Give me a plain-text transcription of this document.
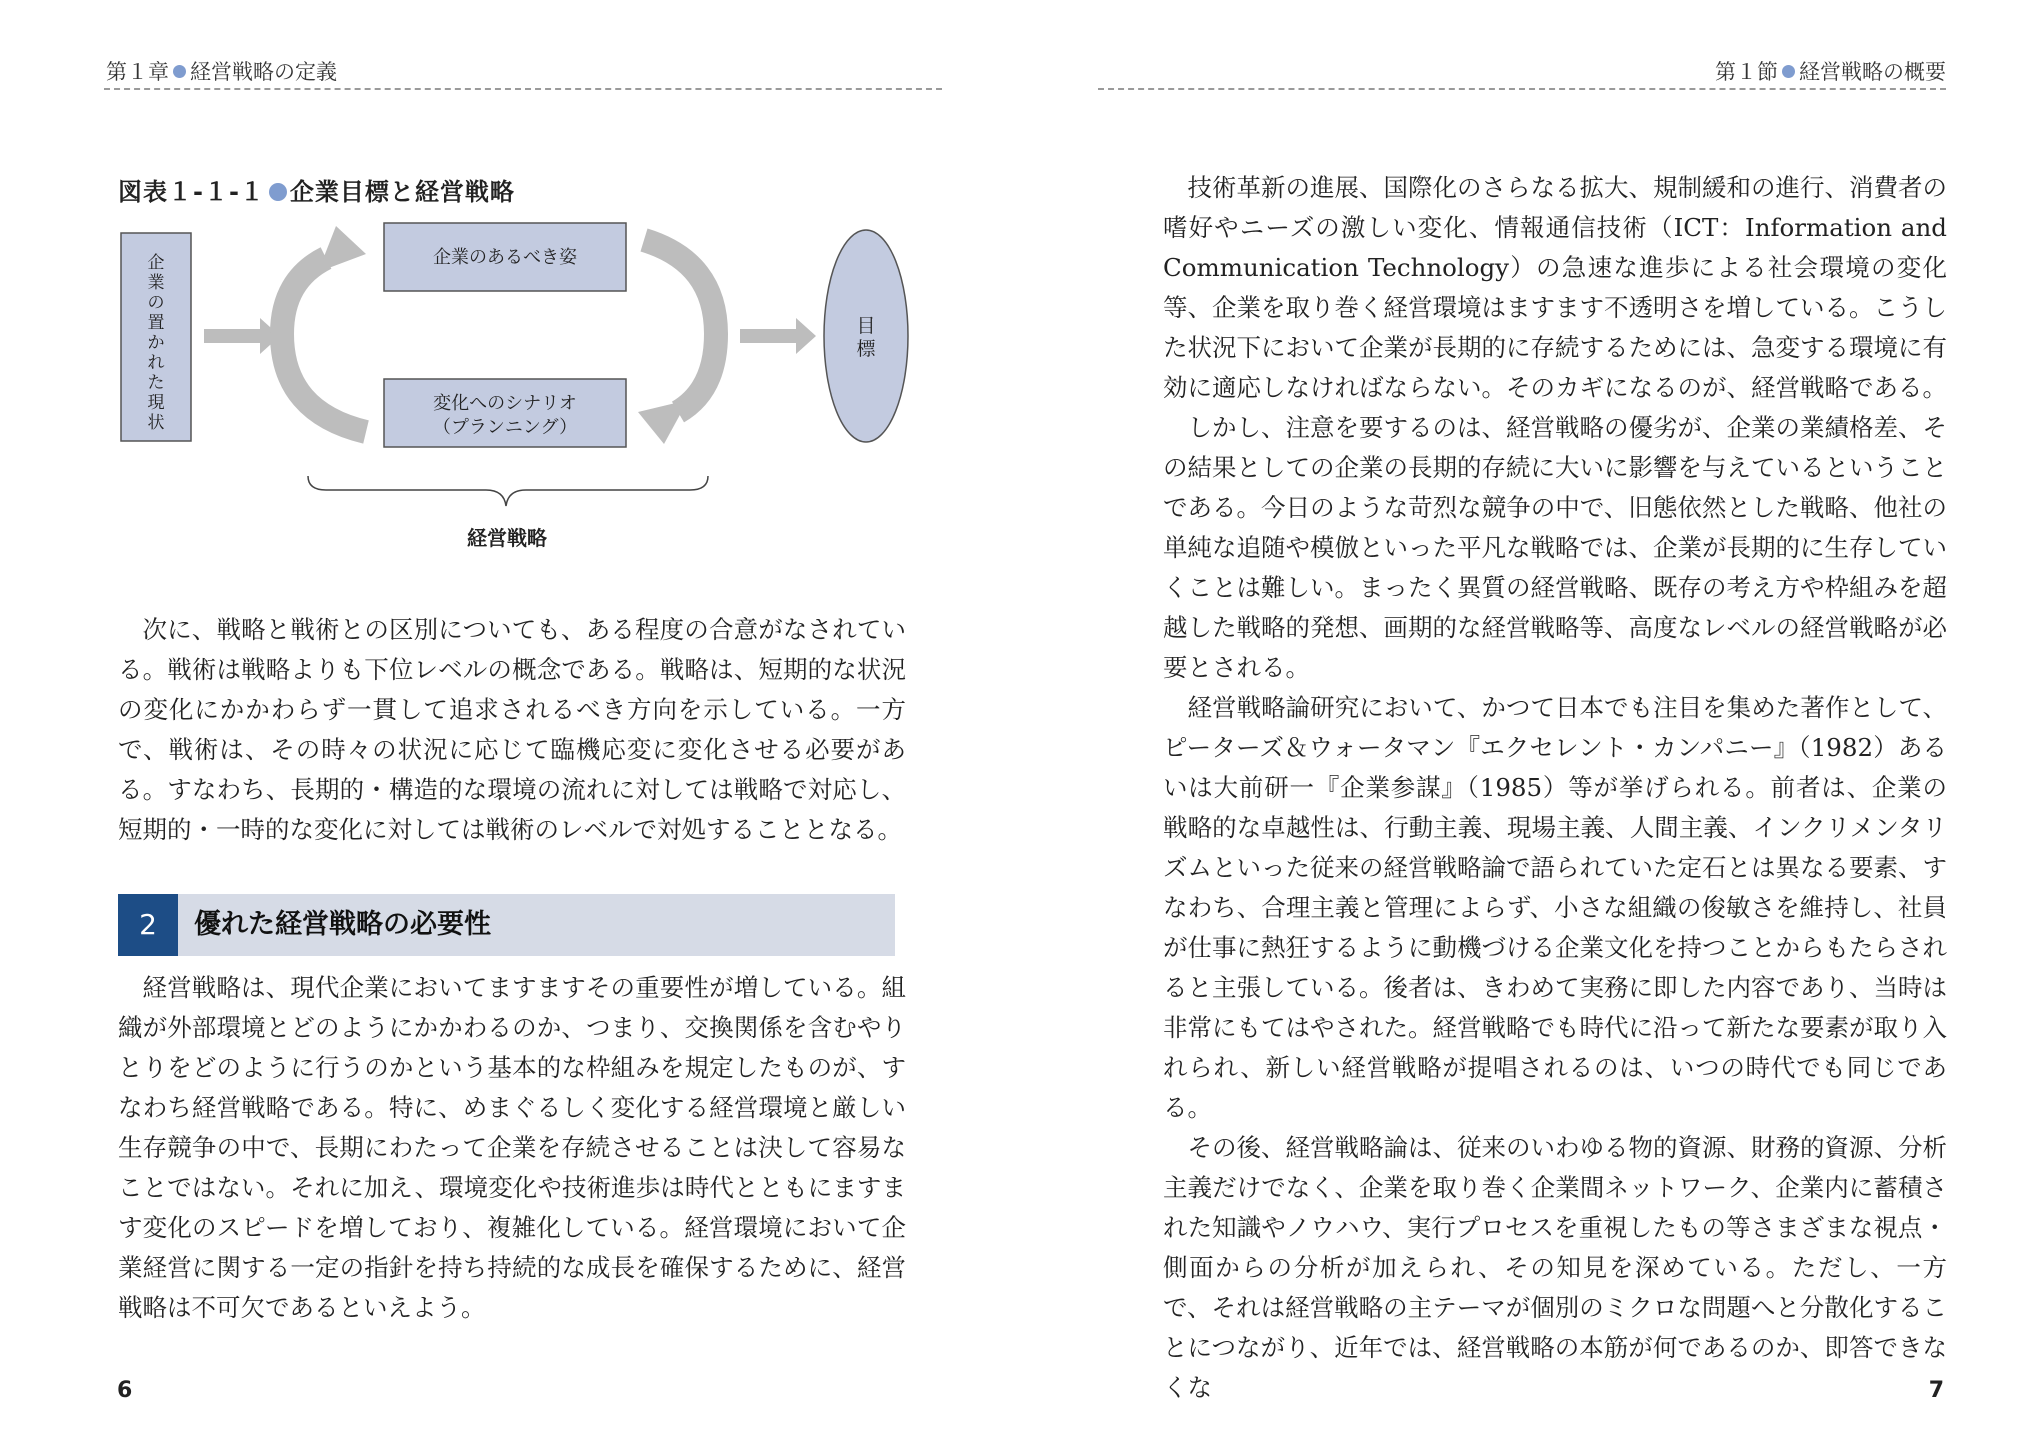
第１章 経営戦略の定義	第１節 経営戦略の概要
図表１-１-１ 企業目標と経営戦略
企
業
の
置
か
れ
た
現
状
企業のあるべき姿
変化へのシナリオ
（プランニング）
目
標
経営戦略

次に、戦略と戦術との区別についても、ある程度の合意がなされている。戦術は戦略よりも下位レベルの概念である。戦略は、短期的な状況の変化にかかわらず一貫して追求されるべき方向を示している。一方で、戦術は、その時々の状況に応じて臨機応変に変化させる必要がある。すなわち、長期的・構造的な環境の流れに対しては戦略で対応し、短期的・一時的な変化に対しては戦術のレベルで対処することとなる。

2	優れた経営戦略の必要性

経営戦略は、現代企業においてますますその重要性が増している。組織が外部環境とどのようにかかわるのか、つまり、交換関係を含むやりとりをどのように行うのかという基本的な枠組みを規定したものが、すなわち経営戦略である。特に、めまぐるしく変化する経営環境と厳しい生存競争の中で、長期にわたって企業を存続させることは決して容易なことではない。それに加え、環境変化や技術進歩は時代とともにますます変化のスピードを増しており、複雑化している。経営環境において企業経営に関する一定の指針を持ち持続的な成長を確保するために、経営戦略は不可欠であるといえよう。

技術革新の進展、国際化のさらなる拡大、規制緩和の進行、消費者の嗜好やニーズの激しい変化、情報通信技術（ICT：Information and Communication Technology）の急速な進歩による社会環境の変化等、企業を取り巻く経営環境はますます不透明さを増している。こうした状況下において企業が長期的に存続するためには、急変する環境に有効に適応しなければならない。そのカギになるのが、経営戦略である。

しかし、注意を要するのは、経営戦略の優劣が、企業の業績格差、その結果としての企業の長期的存続に大いに影響を与えているということである。今日のような苛烈な競争の中で、旧態依然とした戦略、他社の単純な追随や模倣といった平凡な戦略では、企業が長期的に生存していくことは難しい。まったく異質の経営戦略、既存の考え方や枠組みを超越した戦略的発想、画期的な経営戦略等、高度なレベルの経営戦略が必要とされる。

経営戦略論研究において、かつて日本でも注目を集めた著作として、ピーターズ＆ウォータマン『エクセレント・カンパニー』（1982）あるいは大前研一『企業参謀』（1985）等が挙げられる。前者は、企業の戦略的な卓越性は、行動主義、現場主義、人間主義、インクリメンタリズムといった従来の経営戦略論で語られていた定石とは異なる要素、すなわち、合理主義と管理によらず、小さな組織の俊敏さを維持し、社員が仕事に熱狂するように動機づける企業文化を持つことからもたらされると主張している。後者は、きわめて実務に即した内容であり、当時は非常にもてはやされた。経営戦略でも時代に沿って新たな要素が取り入れられ、新しい経営戦略が提唱されるのは、いつの時代でも同じである。

その後、経営戦略論は、従来のいわゆる物的資源、財務的資源、分析主義だけでなく、企業を取り巻く企業間ネットワーク、企業内に蓄積された知識やノウハウ、実行プロセスを重視したもの等さまざまな視点・側面からの分析が加えられ、その知見を深めている。ただし、一方で、それは経営戦略の主テーマが個別のミクロな問題へと分散化することにつながり、近年では、経営戦略の本筋が何であるのか、即答できなくな

6	7
